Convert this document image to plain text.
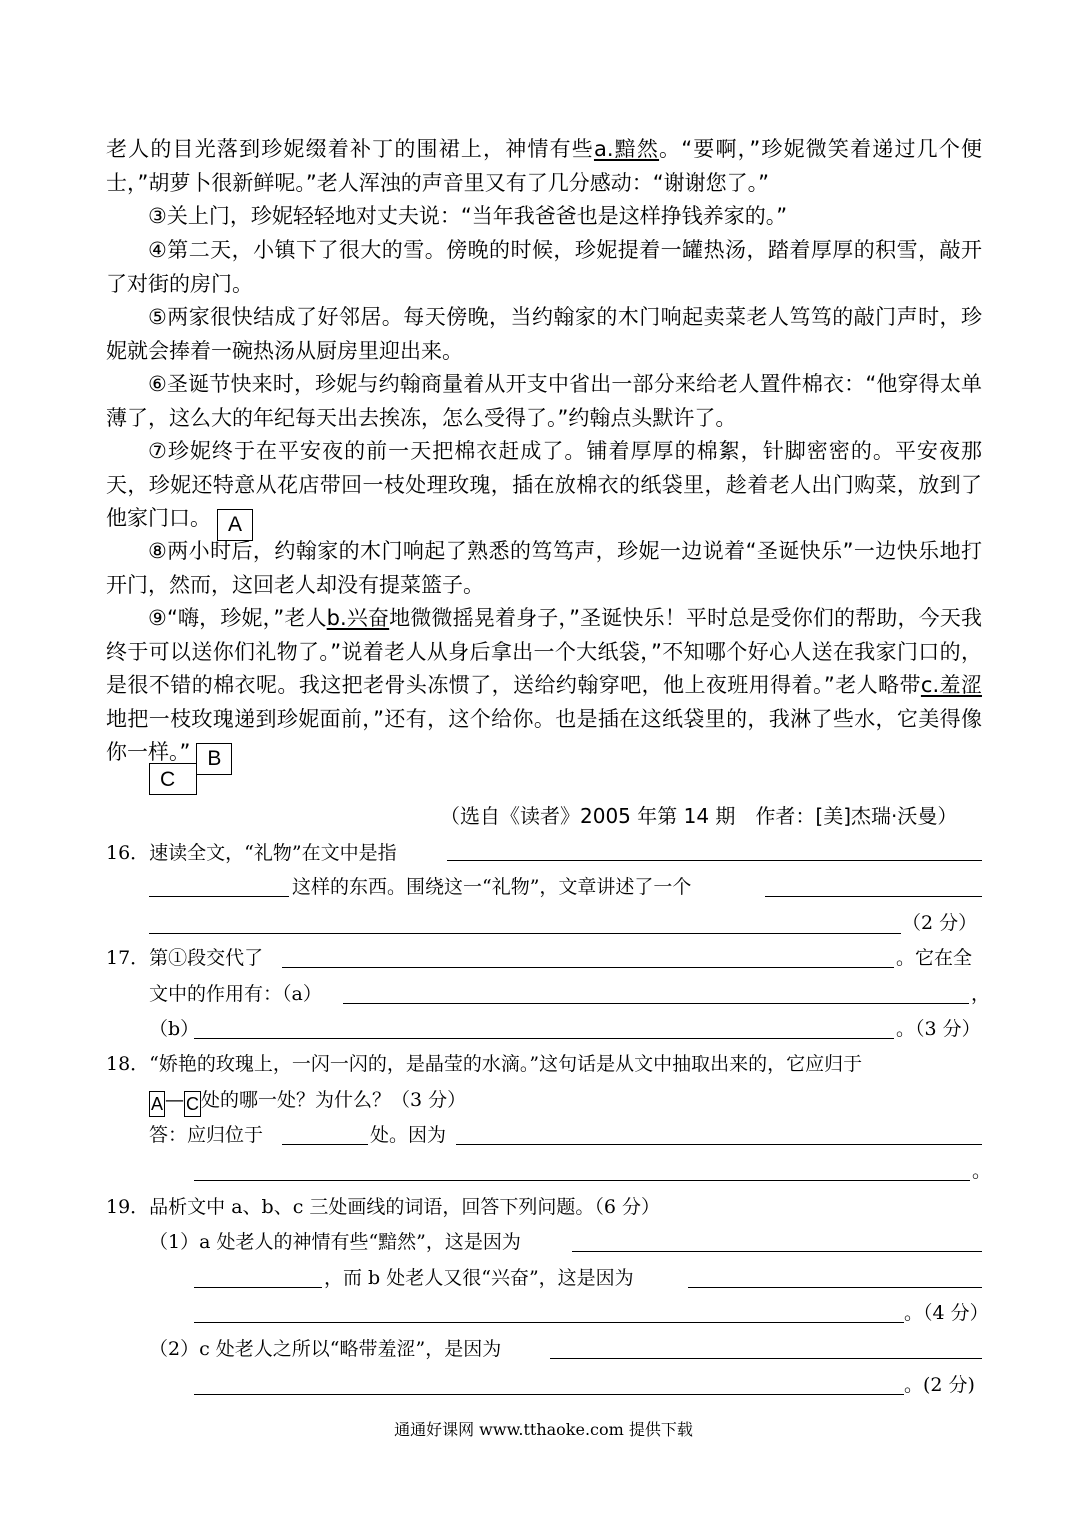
老人的目光落到珍妮缀着补丁的围裙上，神情有些a.黯然。“要啊，”珍妮微笑着递过几个便士，”胡萝卜很新鲜呢。”老人浑浊的声音里又有了几分感动：“谢谢您了。”
③关上门，珍妮轻轻地对丈夫说：“当年我爸爸也是这样挣钱养家的。”
④第二天，小镇下了很大的雪。傍晚的时候，珍妮提着一罐热汤，踏着厚厚的积雪，敲开了对街的房门。
⑤两家很快结成了好邻居。每天傍晚，当约翰家的木门响起卖菜老人笃笃的敲门声时，珍妮就会捧着一碗热汤从厨房里迎出来。
⑥圣诞节快来时，珍妮与约翰商量着从开支中省出一部分来给老人置件棉衣：“他穿得太单薄了，这么大的年纪每天出去挨冻，怎么受得了。”约翰点头默许了。
⑦珍妮终于在平安夜的前一天把棉衣赶成了。铺着厚厚的棉絮，针脚密密的。平安夜那天，珍妮还特意从花店带回一枝处理玫瑰，插在放棉衣的纸袋里，趁着老人出门购菜，放到了他家门口。 A
⑧两小时后，约翰家的木门响起了熟悉的笃笃声，珍妮一边说着“圣诞快乐”一边快乐地打开门，然而，这回老人却没有提菜篮子。
⑨“嗨，珍妮，”老人b.兴奋地微微摇晃着身子，”圣诞快乐！平时总是受你们的帮助，今天我终于可以送你们礼物了。”说着老人从身后拿出一个大纸袋，”不知哪个好心人送在我家门口的，是很不错的棉衣呢。我这把老骨头冻惯了，送给约翰穿吧，他上夜班用得着。”老人略带c.羞涩地把一枝玫瑰递到珍妮面前，”还有，这个给你。也是插在这纸袋里的，我淋了些水，它美得像你一样。” B
C
（选自《读者》2005 年第 14 期　作者：[美]杰瑞·沃曼）
16．速读全文，“礼物”在文中是指
这样的东西。围绕这一“礼物”，文章讲述了一个
（2 分）
17．第①段交代了	。它在全
文中的作用有：（a）	，
（b）	。（3 分）
18．“娇艳的玫瑰上，一闪一闪的，是晶莹的水滴。”这句话是从文中抽取出来的，它应归于
A — C 处的哪一处？为什么？（3 分）
答：应归位于	处。因为
。
19．品析文中 a、b、c 三处画线的词语，回答下列问题。（6 分）
（1）a 处老人的神情有些“黯然”，这是因为
，而 b 处老人又很“兴奋”，这是因为
。（4 分）
（2）c 处老人之所以“略带羞涩”，是因为
。(2 分)
通通好课网 www.tthaoke.com 提供下载
